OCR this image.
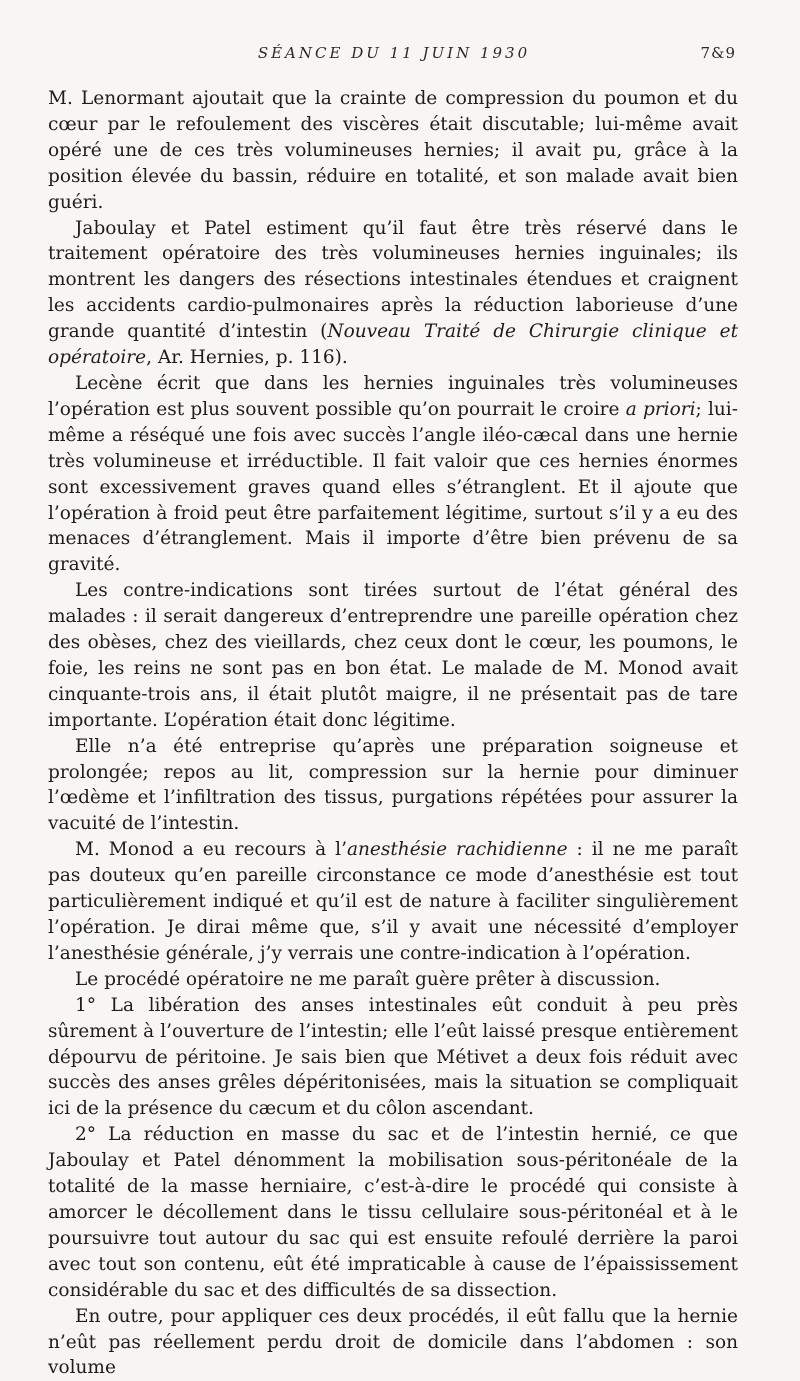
SÉANCE DU 11 JUIN 1930	7&9

M. Lenormant ajoutait que la crainte de compression du poumon et du cœur par le refoulement des viscères était discutable; lui-même avait opéré une de ces très volumineuses hernies; il avait pu, grâce à la position élevée du bassin, réduire en totalité, et son malade avait bien guéri.

Jaboulay et Patel estiment qu’il faut être très réservé dans le traitement opératoire des très volumineuses hernies inguinales; ils montrent les dangers des résections intestinales étendues et craignent les accidents cardio-pulmonaires après la réduction laborieuse d’une grande quantité d’intestin (Nouveau Traité de Chirurgie clinique et opératoire, Ar. Hernies, p. 116).

Lecène écrit que dans les hernies inguinales très volumineuses l’opération est plus souvent possible qu’on pourrait le croire a priori; lui-même a réséqué une fois avec succès l’angle iléo-cæcal dans une hernie très volumineuse et irréductible. Il fait valoir que ces hernies énormes sont excessivement graves quand elles s’étranglent. Et il ajoute que l’opération à froid peut être parfaitement légitime, surtout s’il y a eu des menaces d’étranglement. Mais il importe d’être bien prévenu de sa gravité.

Les contre-indications sont tirées surtout de l’état général des malades : il serait dangereux d’entreprendre une pareille opération chez des obèses, chez des vieillards, chez ceux dont le cœur, les poumons, le foie, les reins ne sont pas en bon état. Le malade de M. Monod avait cinquante-trois ans, il était plutôt maigre, il ne présentait pas de tare importante. L’opération était donc légitime.

Elle n’a été entreprise qu’après une préparation soigneuse et prolongée; repos au lit, compression sur la hernie pour diminuer l’œdème et l’infiltration des tissus, purgations répétées pour assurer la vacuité de l’intestin.

M. Monod a eu recours à l’anesthésie rachidienne : il ne me paraît pas douteux qu’en pareille circonstance ce mode d’anesthésie est tout particulièrement indiqué et qu’il est de nature à faciliter singulièrement l’opération. Je dirai même que, s’il y avait une nécessité d’employer l’anesthésie générale, j’y verrais une contre-indication à l’opération.

Le procédé opératoire ne me paraît guère prêter à discussion.

1° La libération des anses intestinales eût conduit à peu près sûrement à l’ouverture de l’intestin; elle l’eût laissé presque entièrement dépourvu de péritoine. Je sais bien que Métivet a deux fois réduit avec succès des anses grêles dépéritonisées, mais la situation se compliquait ici de la présence du cæcum et du côlon ascendant.

2° La réduction en masse du sac et de l’intestin hernié, ce que Jaboulay et Patel dénomment la mobilisation sous-péritonéale de la totalité de la masse herniaire, c’est-à-dire le procédé qui consiste à amorcer le décollement dans le tissu cellulaire sous-péritonéal et à le poursuivre tout autour du sac qui est ensuite refoulé derrière la paroi avec tout son contenu, eût été impraticable à cause de l’épaississement considérable du sac et des difficultés de sa dissection.

En outre, pour appliquer ces deux procédés, il eût fallu que la hernie n’eût pas réellement perdu droit de domicile dans l’abdomen : son volume
